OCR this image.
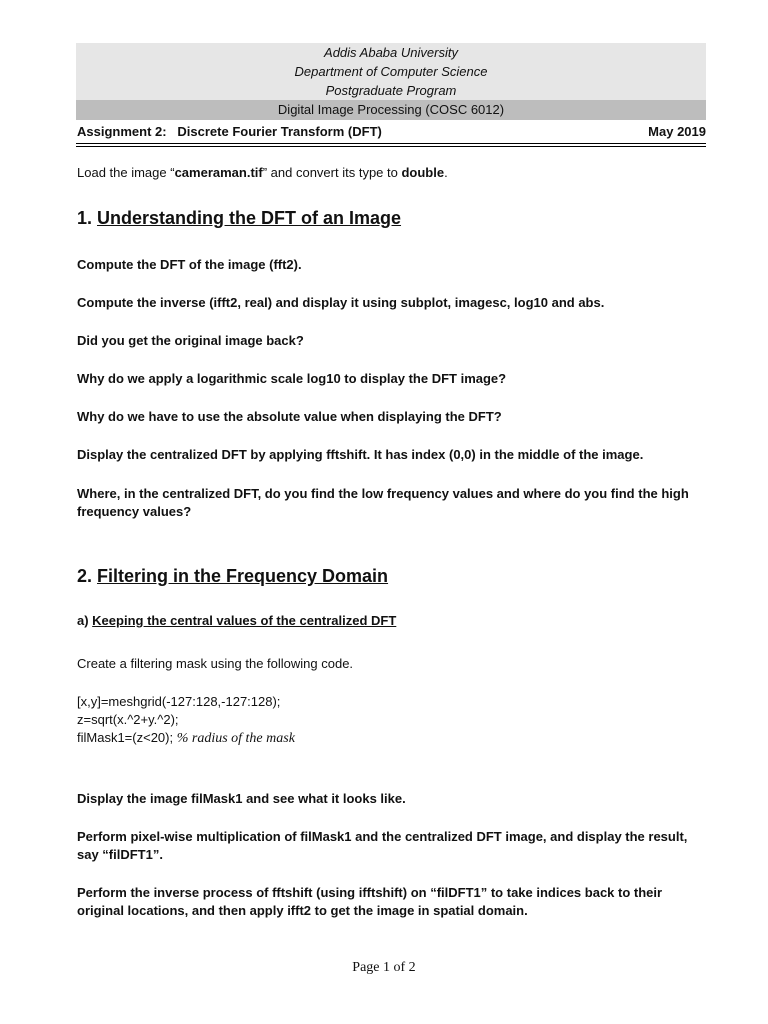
Addis Ababa University
Department of Computer Science
Postgraduate Program
Digital Image Processing (COSC 6012)
Assignment 2:   Discrete Fourier Transform (DFT)	May 2019
Load the image “cameraman.tif” and convert its type to double.
1. Understanding the DFT of an Image
Compute the DFT of the image (fft2).
Compute the inverse (ifft2, real) and display it using subplot, imagesc, log10 and abs.
Did you get the original image back?
Why do we apply a logarithmic scale log10 to display the DFT image?
Why do we have to use the absolute value when displaying the DFT?
Display the centralized DFT by applying fftshift. It has index (0,0) in the middle of the image.
Where, in the centralized DFT, do you find the low frequency values and where do you find the high frequency values?
2. Filtering in the Frequency Domain
a) Keeping the central values of the centralized DFT
Create a filtering mask using the following code.
[x,y]=meshgrid(-127:128,-127:128);
z=sqrt(x.^2+y.^2);
filMask1=(z<20); % radius of the mask
Display the image filMask1 and see what it looks like.
Perform pixel-wise multiplication of filMask1 and the centralized DFT image, and display the result, say “filDFT1”.
Perform the inverse process of fftshift (using ifftshift) on “filDFT1” to take indices back to their original locations, and then apply ifft2 to get the image in spatial domain.
Page 1 of 2
